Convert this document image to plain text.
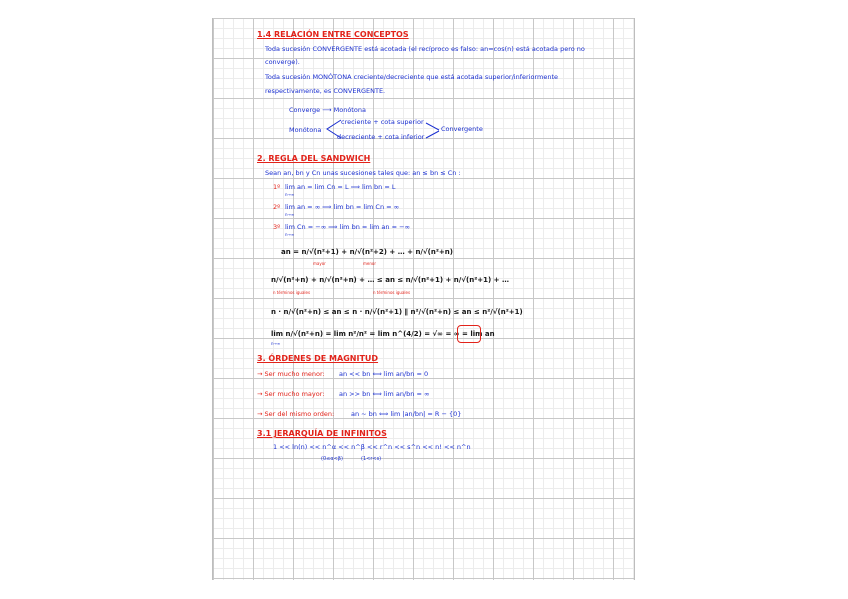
1.4 RELACIÓN ENTRE CONCEPTOS
Toda sucesión CONVERGENTE está acotada (el recíproco es falso: an=cos(n) está acotada pero no
converge).
Toda sucesión MONÓTONA creciente/decreciente que está acotada superior/inferiormente
respectivamente, es CONVERGENTE.
Converge ⟶ Monótona
Monótona
creciente + cota superior
decreciente + cota inferior
Convergente
2. REGLA DEL SANDWICH
Sean an, bn y Cn unas sucesiones tales que: an ≤ bn ≤ Cn :
1º lim an = lim Cn = L ⟹ lim bn = L
n→∞
2º lim an = ∞ ⟹ lim bn = lim Cn = ∞
n→∞
3º lim Cn = −∞ ⟹ lim bn = lim an = −∞
n→∞
an = n/√(n²+1) + n/√(n²+2) + … + n/√(n²+n)
mayor	menor
n/√(n²+n) + n/√(n²+n) + … ≤ an ≤ n/√(n²+1) + n/√(n²+1) + …
n términos iguales	n términos iguales
n · n/√(n²+n) ≤ an ≤ n · n/√(n²+1) ∥ n²/√(n²+n) ≤ an ≤ n²/√(n²+1)
lim n/√(n²+n) = lim n²/n² = lim n^(4/2) = √∞ = ∞ = lim an
n→∞
3. ÓRDENES DE MAGNITUD
→ Ser mucho menor: an << bn ⟺ lim an/bn = 0
→ Ser mucho mayor: an >> bn ⟺ lim an/bn = ∞
→ Ser del mismo orden:	an ~ bn ⟺ lim |an/bn| = R − {0}
3.1 JERARQUÍA DE INFINITOS
1 << ln(n) << n^α << n^β << r^n << s^n << n! << n^n
(0≤α<β)	(1<r<s)
